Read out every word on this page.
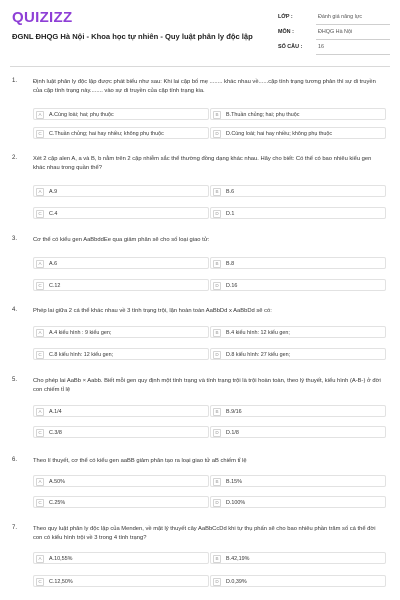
QUIZIZZ
ĐGNL ĐHQG Hà Nội - Khoa học tự nhiên - Quy luật phân ly độc lập
LỚP :	Đánh giá năng lực
MÔN :	ĐHQG Hà Nội
SỐ CÂU :	16
1.	Định luật phân ly độc lập được phát biểu như sau: Khi lai cặp bố mẹ ........ khác nhau về......cặp tính trạng tương phản thì sự di truyền của cặp tính trạng này........ vào sự di truyền của cặp tính trạng kia.
A	A.Cùng loài; hai; phụ thuộc	B	B.Thuần chủng; hai; phụ thuộc
C	C.Thuần chủng; hai hay nhiều; không phụ thuộc	D	D.Cùng loài; hai hay nhiều; không phụ thuộc
2.	Xét 2 cặp alen A, a và B, b nằm trên 2 cặp nhiễm sắc thể thường đồng dạng khác nhau. Hãy cho biết: Có thể có bao nhiêu kiểu gen khác nhau trong quần thể?
A	A.9	B	B.6
C	C.4	D	D.1
3.	Cơ thể có kiểu gen AaBbddEe qua giảm phân sẽ cho số loại giao tử:
A	A.6	B	B.8
C	C.12	D	D.16
4.	Phép lai giữa 2 cá thể khác nhau về 3 tính trạng trội, lặn hoàn toàn AaBbDd x AaBbDd sẽ có:
A	A.4 kiểu hình : 9 kiểu gen;	B	B.4 kiểu hình: 12 kiểu gen;
C	C.8 kiểu hình: 12 kiểu gen;	D	D.8 kiểu hình: 27 kiểu gen;
5.	Cho phép lai AaBb × Aabb. Biết mỗi gen quy định một tính trạng và tính trạng trội là trội hoàn toàn, theo lý thuyết, kiểu hình (A-B-) ở đời con chiếm tỉ lệ
A	A.1/4	B	B.9/16
C	C.3/8	D	D.1/8
6.	Theo lí thuyết, cơ thể có kiểu gen aaBB giảm phân tạo ra loại giao tử aB chiếm tỉ lệ
A	A.50%	B	B.15%
C	C.25%	D	D.100%
7.	Theo quy luật phân ly độc lập của Menden, về mặt lý thuyết cây AaBbCcDd khi tự thụ phấn sẽ cho bao nhiêu phần trăm số cá thể đời con có kiểu hình trội về 3 trong 4 tính trạng?
A	A.10,55%	B	B.42,19%
C	C.12,50%	D	D.0,39%
